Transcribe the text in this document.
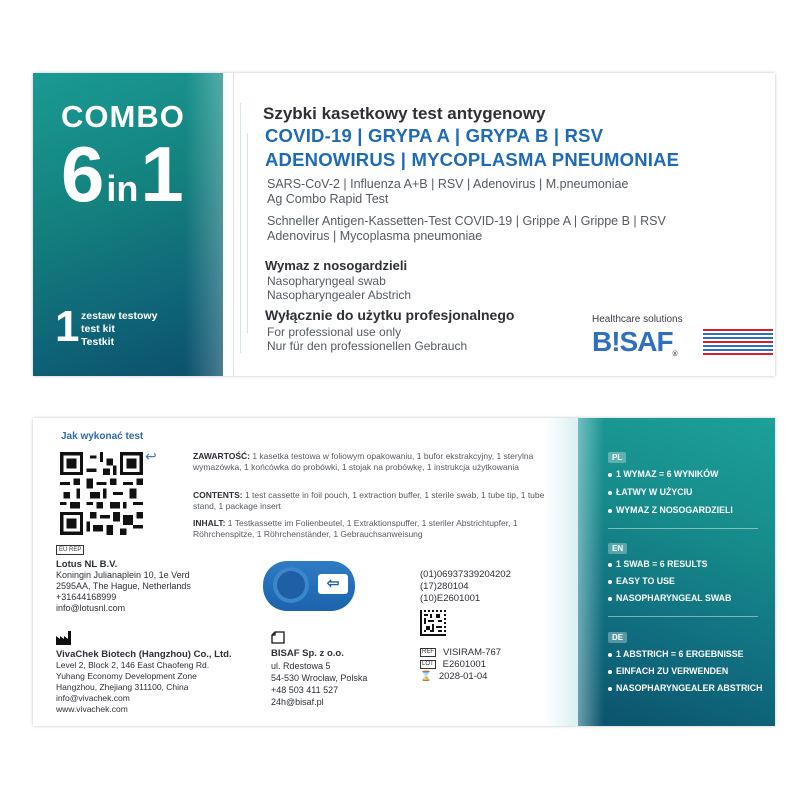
COMBO
6in1
1 zestaw testowy
test kit
Testkit
Szybki kasetkowy test antygenowy
COVID-19 | GRYPA A | GRYPA B | RSV
ADENOWIRUS | MYCOPLASMA PNEUMONIAE
SARS-CoV-2 | Influenza A+B | RSV | Adenovirus | M.pneumoniae
Ag Combo Rapid Test
Schneller Antigen-Kassetten-Test COVID-19 | Grippe A | Grippe B | RSV
Adenovirus | Mycoplasma pneumoniae
Wymaz z nosogardzieli
Nasopharyngeal swab
Nasopharyngealer Abstrich
Wyłącznie do użytku profesjonalnego
For professional use only
Nur für den professionellen Gebrauch
Healthcare solutions
B!SAF®
Jak wykonać test
↩
EU REP
Lotus NL B.V.
Koningin Julianaplein 10, 1e Verd
2595AA, The Hague, Netherlands
+31644168999
info@lotusnl.com
VivaChek Biotech (Hangzhou) Co., Ltd.
Level 2, Block 2, 146 East Chaofeng Rd.
Yuhang Economy Development Zone
Hangzhou, Zhejiang 311100, China
info@vivachek.com
www.vivachek.com
ZAWARTOŚĆ: 1 kasetka testowa w foliowym opakowaniu, 1 bufor ekstrakcyjny, 1 sterylna wymazówka, 1 końcówka do probówki, 1 stojak na probówkę, 1 instrukcja użytkowania
CONTENTS: 1 test cassette in foil pouch, 1 extraction buffer, 1 sterile swab, 1 tube tip, 1 tube stand, 1 package insert
INHALT: 1 Testkassette im Folienbeutel, 1 Extraktionspuffer, 1 steriler Abstrichtupfer, 1 Röhrchenspitze, 1 Röhrchenständer, 1 Gebrauchsanweisung
⇦
BISAF Sp. z o.o.
ul. Rdestowa 5
54-530 Wrocław, Polska
+48 503 411 527
24h@bisaf.pl
(01)06937339204202
(17)280104
(10)E2601001
REF VISIRAM-767
LOT E2601001
⌛ 2028-01-04
PL
1 WYMAZ = 6 WYNIKÓW
ŁATWY W UŻYCIU
WYMAZ Z NOSOGARDZIELI
EN
1 SWAB = 6 RESULTS
EASY TO USE
NASOPHARYNGEAL SWAB
DE
1 ABSTRICH = 6 ERGEBNISSE
EINFACH ZU VERWENDEN
NASOPHARYNGEALER ABSTRICH
